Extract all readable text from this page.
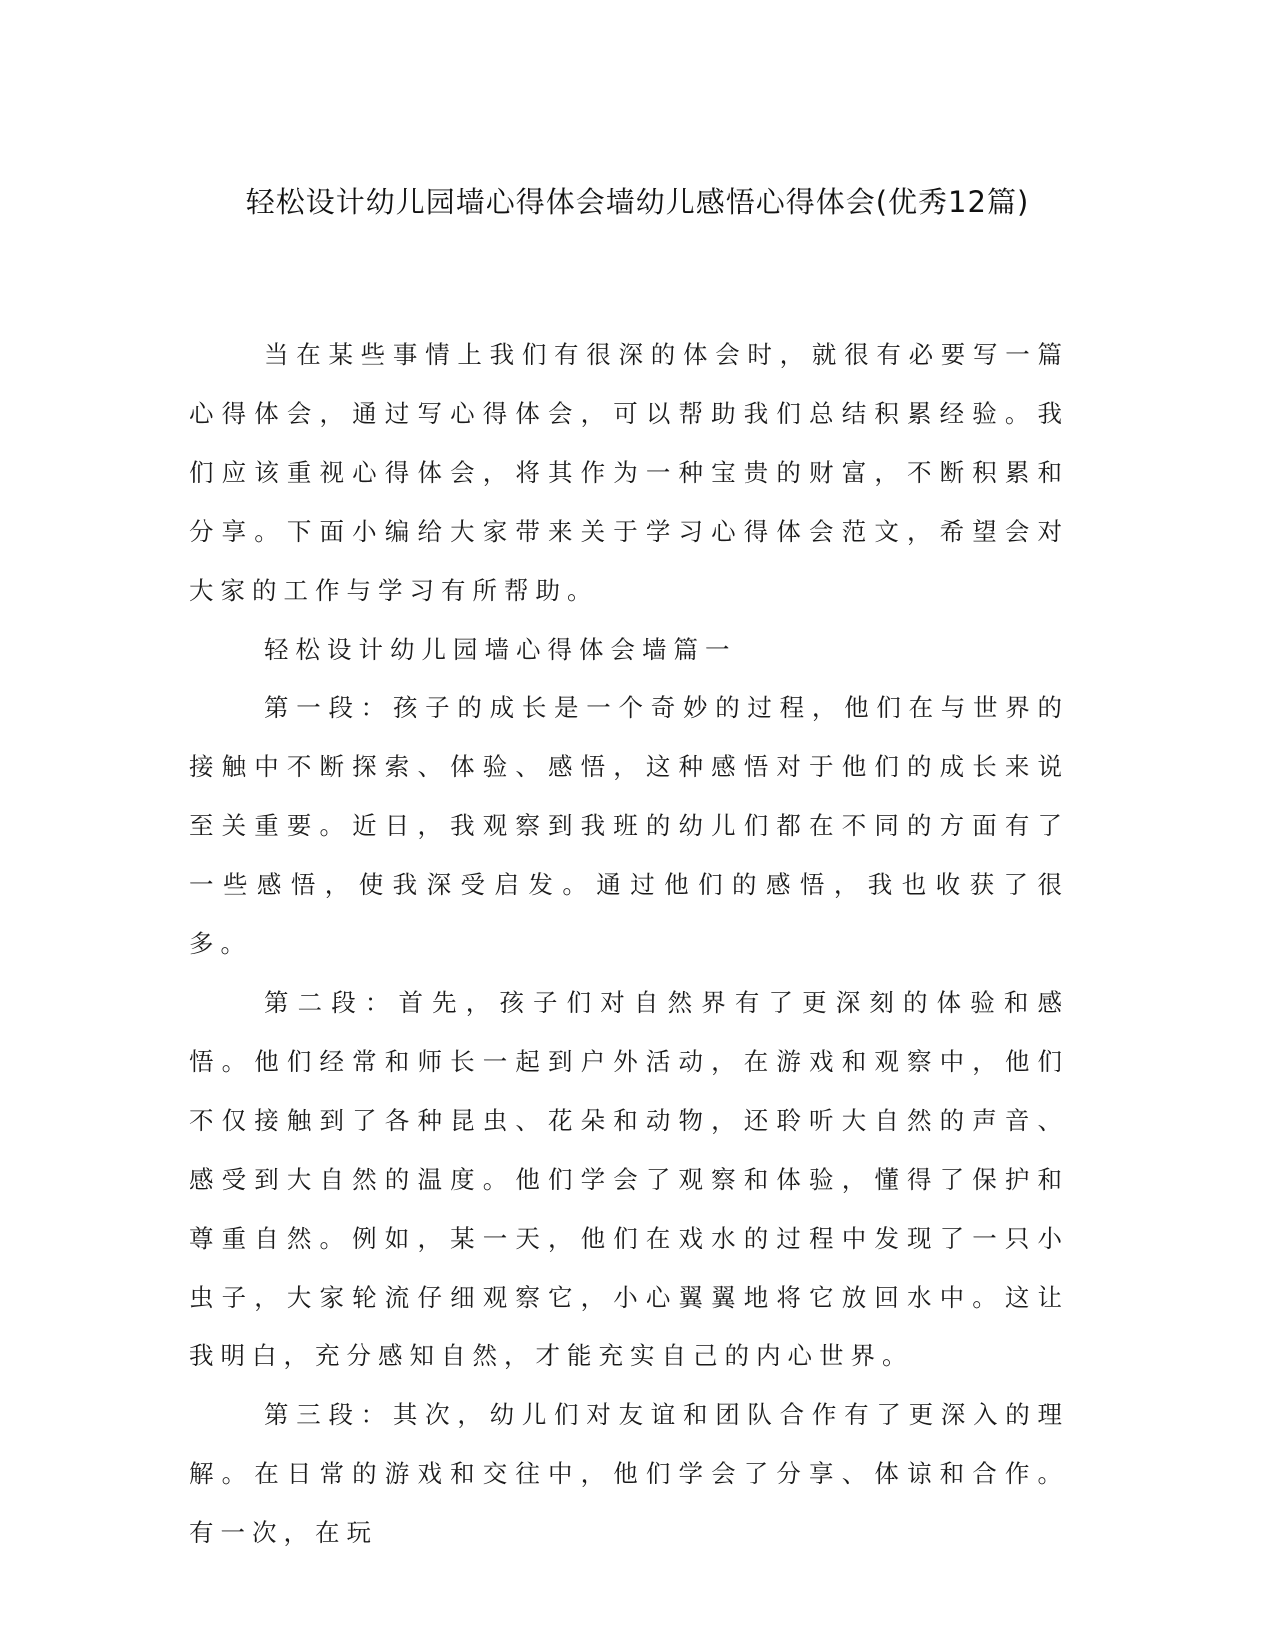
轻松设计幼儿园墙心得体会墙幼儿感悟心得体会(优秀12篇)

当在某些事情上我们有很深的体会时，就很有必要写一篇心得体会，通过写心得体会，可以帮助我们总结积累经验。我们应该重视心得体会，将其作为一种宝贵的财富，不断积累和分享。下面小编给大家带来关于学习心得体会范文，希望会对大家的工作与学习有所帮助。

轻松设计幼儿园墙心得体会墙篇一

第一段：孩子的成长是一个奇妙的过程，他们在与世界的接触中不断探索、体验、感悟，这种感悟对于他们的成长来说至关重要。近日，我观察到我班的幼儿们都在不同的方面有了一些感悟，使我深受启发。通过他们的感悟，我也收获了很多。

第二段：首先，孩子们对自然界有了更深刻的体验和感悟。他们经常和师长一起到户外活动，在游戏和观察中，他们不仅接触到了各种昆虫、花朵和动物，还聆听大自然的声音、感受到大自然的温度。他们学会了观察和体验，懂得了保护和尊重自然。例如，某一天，他们在戏水的过程中发现了一只小虫子，大家轮流仔细观察它，小心翼翼地将它放回水中。这让我明白，充分感知自然，才能充实自己的内心世界。

第三段：其次，幼儿们对友谊和团队合作有了更深入的理解。在日常的游戏和交往中，他们学会了分享、体谅和合作。有一次，在玩
